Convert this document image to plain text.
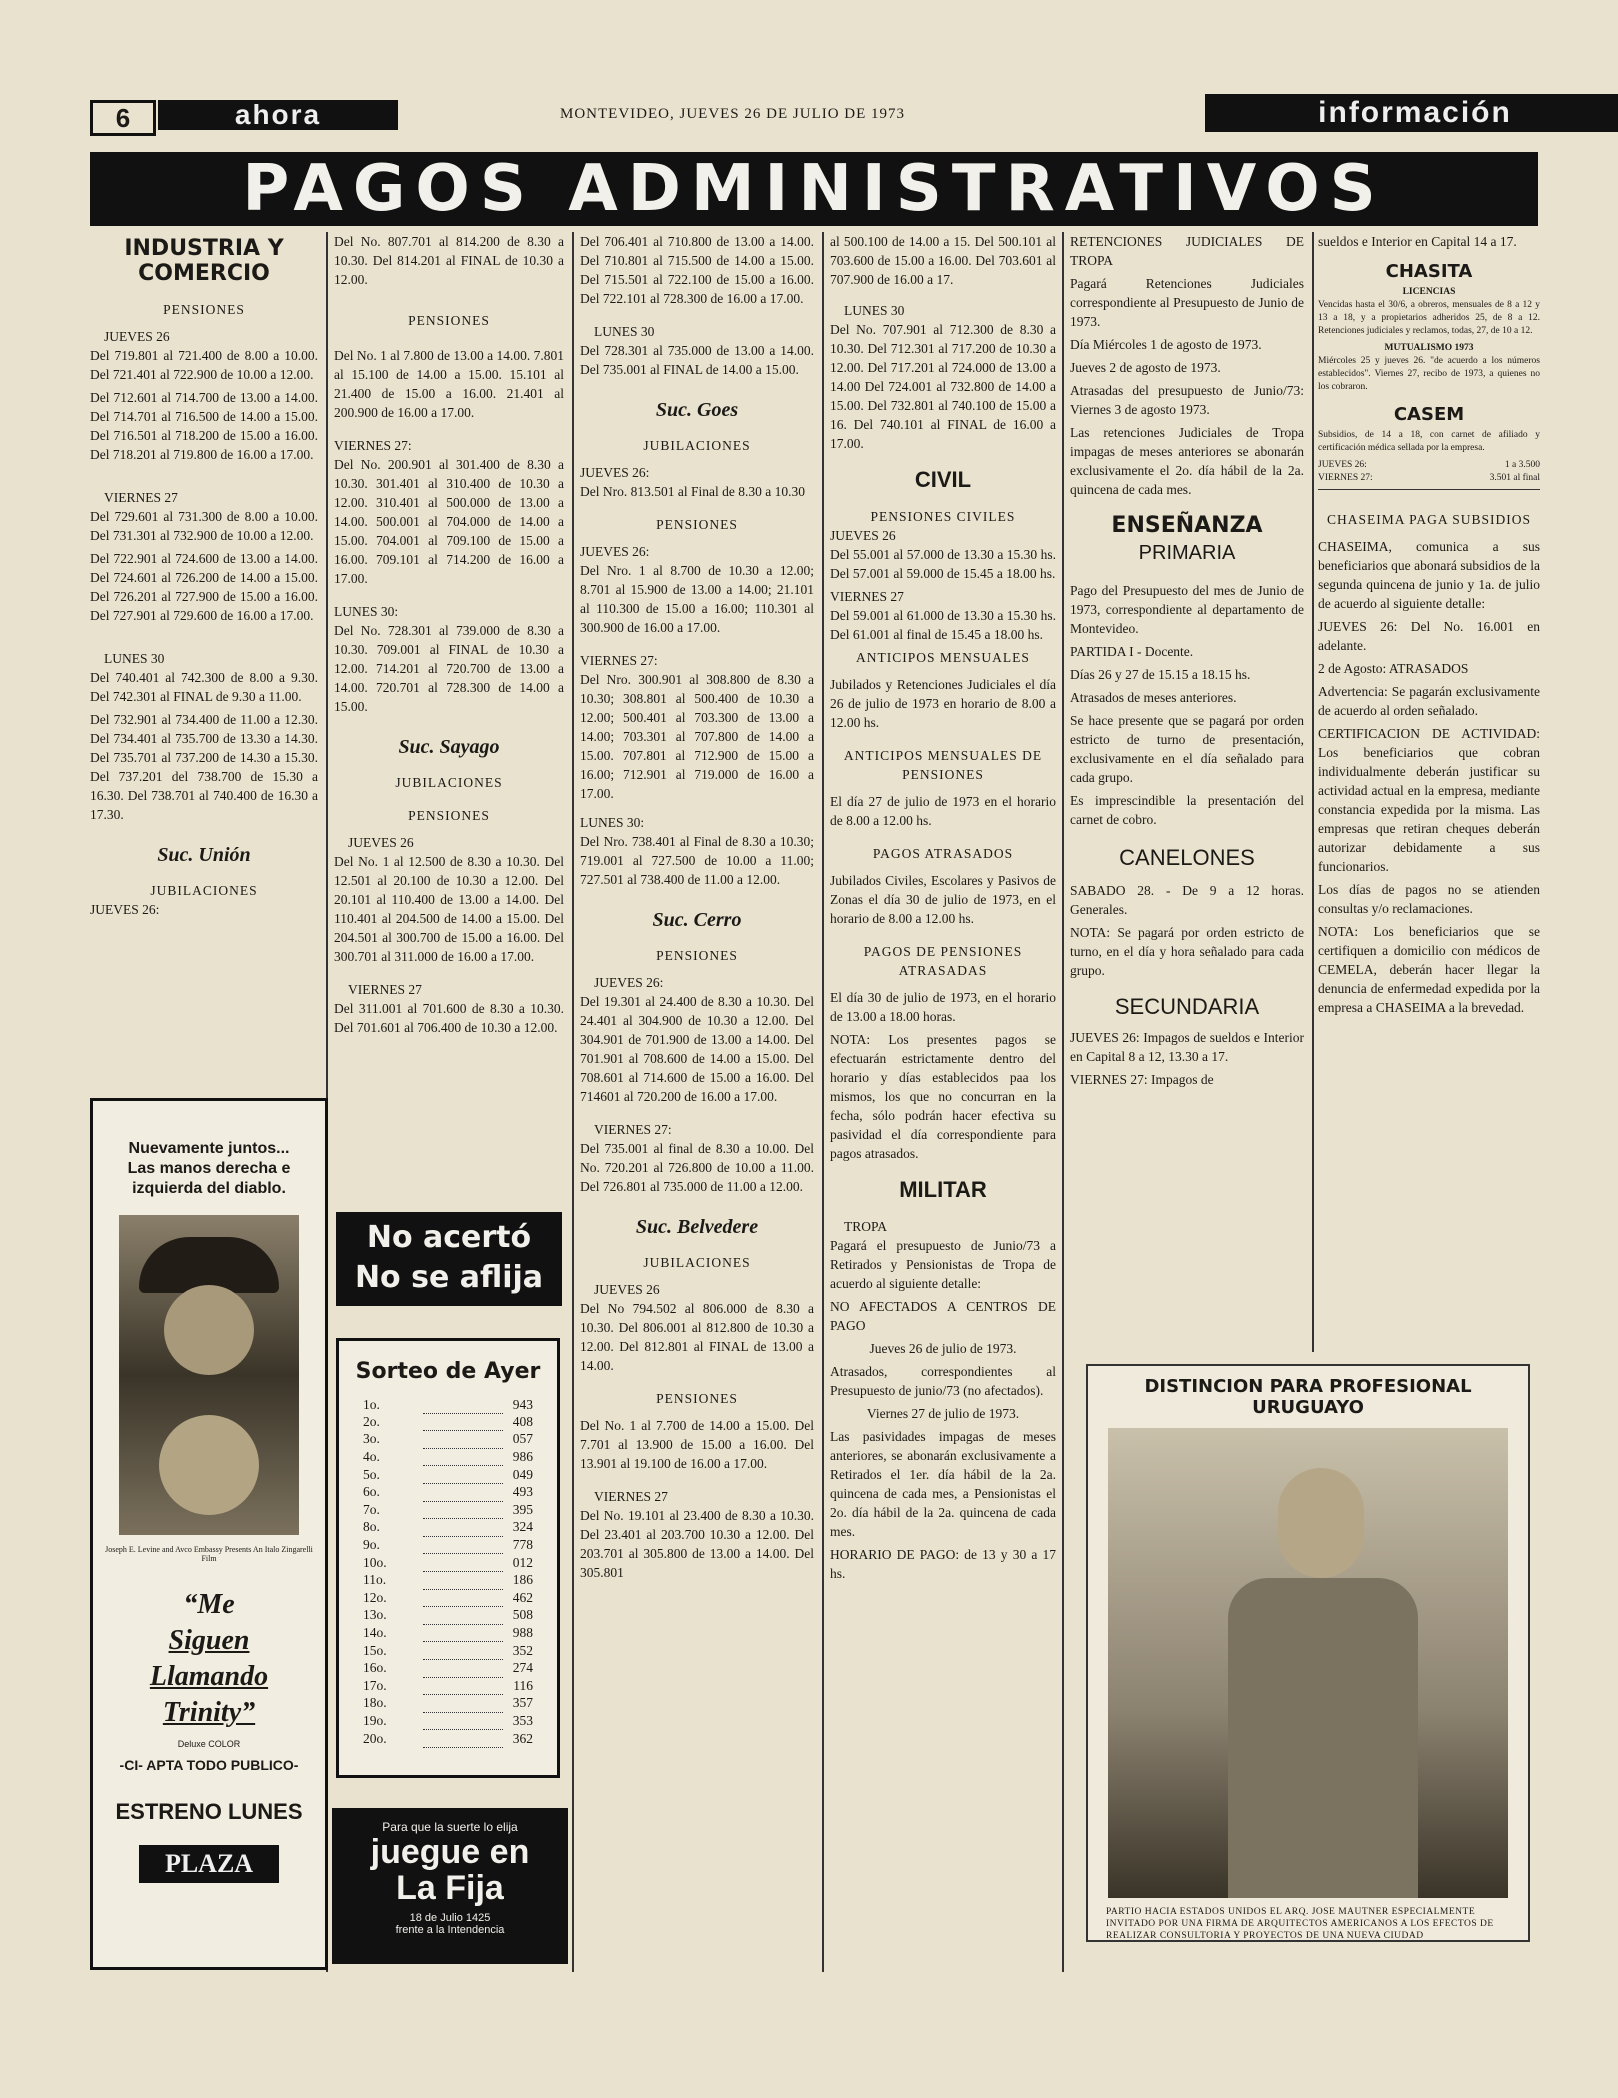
6	ahora	MONTEVIDEO, JUEVES 26 DE JULIO DE 1973	información
PAGOS ADMINISTRATIVOS
INDUSTRIA Y COMERCIO
PENSIONES
JUEVES 26

Del 719.801 al 721.400 de 8.00 a 10.00. Del 721.401 al 722.900 de 10.00 a 12.00.

Del 712.601 al 714.700 de 13.00 a 14.00. Del 714.701 al 716.500 de 14.00 a 15.00. Del 716.501 al 718.200 de 15.00 a 16.00. Del 718.201 al 719.800 de 16.00 a 17.00.

VIERNES 27

Del 729.601 al 731.300 de 8.00 a 10.00. Del 731.301 al 732.900 de 10.00 a 12.00.

Del 722.901 al 724.600 de 13.00 a 14.00. Del 724.601 al 726.200 de 14.00 a 15.00. Del 726.201 al 727.900 de 15.00 a 16.00. Del 727.901 al 729.600 de 16.00 a 17.00.

LUNES 30

Del 740.401 al 742.300 de 8.00 a 9.30. Del 742.301 al FINAL de 9.30 a 11.00.

Del 732.901 al 734.400 de 11.00 a 12.30. Del 734.401 al 735.700 de 13.30 a 14.30. Del 735.701 al 737.200 de 14.30 a 15.30. Del 737.201 del 738.700 de 15.30 a 16.30. Del 738.701 al 740.400 de 16.30 a 17.30.

Suc. Unión
JUBILACIONES
JUEVES 26:

Del No. 807.701 al 814.200 de 8.30 a 10.30. Del 814.201 al FINAL de 10.30 a 12.00.

PENSIONES

Del No. 1 al 7.800 de 13.00 a 14.00. 7.801 al 15.100 de 14.00 a 15.00. 15.101 al 21.400 de 15.00 a 16.00. 21.401 al 200.900 de 16.00 a 17.00.

VIERNES 27:

Del No. 200.901 al 301.400 de 8.30 a 10.30. 301.401 al 310.400 de 10.30 a 12.00. 310.401 al 500.000 de 13.00 a 14.00. 500.001 al 704.000 de 14.00 a 15.00. 704.001 al 709.100 de 15.00 a 16.00. 709.101 al 714.200 de 16.00 a 17.00.

LUNES 30:

Del No. 728.301 al 739.000 de 8.30 a 10.30. 709.001 al FINAL de 10.30 a 12.00. 714.201 al 720.700 de 13.00 a 14.00. 720.701 al 728.300 de 14.00 a 15.00.

Suc. Sayago
JUBILACIONES
PENSIONES
JUEVES 26

Del No. 1 al 12.500 de 8.30 a 10.30. Del 12.501 al 20.100 de 10.30 a 12.00. Del 20.101 al 110.400 de 13.00 a 14.00. Del 110.401 al 204.500 de 14.00 a 15.00. Del 204.501 al 300.700 de 15.00 a 16.00. Del 300.701 al 311.000 de 16.00 a 17.00.

VIERNES 27

Del 311.001 al 701.600 de 8.30 a 10.30. Del 701.601 al 706.400 de 10.30 a 12.00.

Del 706.401 al 710.800 de 13.00 a 14.00. Del 710.801 al 715.500 de 14.00 a 15.00. Del 715.501 al 722.100 de 15.00 a 16.00. Del 722.101 al 728.300 de 16.00 a 17.00.

LUNES 30

Del 728.301 al 735.000 de 13.00 a 14.00. Del 735.001 al FINAL de 14.00 a 15.00.

Suc. Goes
JUBILACIONES
JUEVES 26:

Del Nro. 813.501 al Final de 8.30 a 10.30

PENSIONES
JUEVES 26:

Del Nro. 1 al 8.700 de 10.30 a 12.00; 8.701 al 15.900 de 13.00 a 14.00; 21.101 al 110.300 de 15.00 a 16.00; 110.301 al 300.900 de 16.00 a 17.00.

VIERNES 27:

Del Nro. 300.901 al 308.800 de 8.30 a 10.30; 308.801 al 500.400 de 10.30 a 12.00; 500.401 al 703.300 de 13.00 a 14.00; 703.301 al 707.800 de 14.00 a 15.00. 707.801 al 712.900 de 15.00 a 16.00; 712.901 al 719.000 de 16.00 a 17.00.

LUNES 30:

Del Nro. 738.401 al Final de 8.30 a 10.30; 719.001 al 727.500 de 10.00 a 11.00; 727.501 al 738.400 de 11.00 a 12.00.

Suc. Cerro
PENSIONES
JUEVES 26:

Del 19.301 al 24.400 de 8.30 a 10.30. Del 24.401 al 304.900 de 10.30 a 12.00. Del 304.901 de 701.900 de 13.00 a 14.00. Del 701.901 al 708.600 de 14.00 a 15.00. Del 708.601 al 714.600 de 15.00 a 16.00. Del 714601 al 720.200 de 16.00 a 17.00.

VIERNES 27:

Del 735.001 al final de 8.30 a 10.00. Del No. 720.201 al 726.800 de 10.00 a 11.00. Del 726.801 al 735.000 de 11.00 a 12.00.

Suc. Belvedere
JUBILACIONES
JUEVES 26

Del No 794.502 al 806.000 de 8.30 a 10.30. Del 806.001 al 812.800 de 10.30 a 12.00. Del 812.801 al FINAL de 13.00 a 14.00.

PENSIONES

Del No. 1 al 7.700 de 14.00 a 15.00. Del 7.701 al 13.900 de 15.00 a 16.00. Del 13.901 al 19.100 de 16.00 a 17.00.

VIERNES 27

Del No. 19.101 al 23.400 de 8.30 a 10.30. Del 23.401 al 203.700 10.30 a 12.00. Del 203.701 al 305.800 de 13.00 a 14.00. Del 305.801

al 500.100 de 14.00 a 15. Del 500.101 al 703.600 de 15.00 a 16.00. Del 703.601 al 707.900 de 16.00 a 17.

LUNES 30

Del No. 707.901 al 712.300 de 8.30 a 10.30. Del 712.301 al 717.200 de 10.30 a 12.00. Del 717.201 al 724.000 de 13.00 a 14.00 Del 724.001 al 732.800 de 14.00 a 15.00. Del 732.801 al 740.100 de 15.00 a 16. Del 740.101 al FINAL de 16.00 a 17.00.

CIVIL
PENSIONES CIVILES
JUEVES 26

Del 55.001 al 57.000 de 13.30 a 15.30 hs. Del 57.001 al 59.000 de 15.45 a 18.00 hs.

VIERNES 27

Del 59.001 al 61.000 de 13.30 a 15.30 hs. Del 61.001 al final de 15.45 a 18.00 hs.

ANTICIPOS MENSUALES

Jubilados y Retenciones Judiciales el día 26 de julio de 1973 en horario de 8.00 a 12.00 hs.

ANTICIPOS MENSUALES DE PENSIONES

El día 27 de julio de 1973 en el horario de 8.00 a 12.00 hs.

PAGOS ATRASADOS

Jubilados Civiles, Escolares y Pasivos de Zonas el día 30 de julio de 1973, en el horario de 8.00 a 12.00 hs.

PAGOS DE PENSIONES ATRASADAS

El día 30 de julio de 1973, en el horario de 13.00 a 18.00 horas.

NOTA: Los presentes pagos se efectuarán estrictamente dentro del horario y días establecidos paa los mismos, los que no concurran en la fecha, sólo podrán hacer efectiva su pasividad el día correspondiente para pagos atrasados.

MILITAR
TROPA

Pagará el presupuesto de Junio/73 a Retirados y Pensionistas de Tropa de acuerdo al siguiente detalle:

NO AFECTADOS A CENTROS DE PAGO

Jueves 26 de julio de 1973.

Atrasados, correspondientes al Presupuesto de junio/73 (no afectados).

Viernes 27 de julio de 1973.

Las pasividades impagas de meses anteriores, se abonarán exclusivamente a Retirados el 1er. día hábil de la 2a. quincena de cada mes, a Pensionistas el 2o. día hábil de la 2a. quincena de cada mes.

HORARIO DE PAGO: de 13 y 30 a 17 hs.

RETENCIONES JUDICIALES DE TROPA

Pagará Retenciones Judiciales correspondiente al Presupuesto de Junio de 1973.

Día Miércoles 1 de agosto de 1973.

Jueves 2 de agosto de 1973.

Atrasadas del presupuesto de Junio/73: Viernes 3 de agosto 1973.

Las retenciones Judiciales de Tropa impagas de meses anteriores se abonarán exclusivamente el 2o. día hábil de la 2a. quincena de cada mes.

ENSEÑANZA
PRIMARIA

Pago del Presupuesto del mes de Junio de 1973, correspondiente al departamento de Montevideo.

PARTIDA I - Docente.

Días 26 y 27 de 15.15 a 18.15 hs.

Atrasados de meses anteriores.

Se hace presente que se pagará por orden estricto de turno de presentación, exclusivamente en el día señalado para cada grupo.

Es imprescindible la presentación del carnet de cobro.

CANELONES

SABADO 28. - De 9 a 12 horas. Generales.

NOTA: Se pagará por orden estricto de turno, en el día y hora señalado para cada grupo.

SECUNDARIA

JUEVES 26: Impagos de sueldos e Interior en Capital 8 a 12, 13.30 a 17.

VIERNES 27: Impagos de

sueldos e Interior en Capital 14 a 17.

CHASITA
LICENCIAS

Vencidas hasta el 30/6, a obreros, mensuales de 8 a 12 y 13 a 18, y a propietarios adheridos 25, de 8 a 12. Retenciones judiciales y reclamos, todas, 27, de 10 a 12.

MUTUALISMO 1973

Miércoles 25 y jueves 26. "de acuerdo a los números establecidos". Viernes 27, recibo de 1973, a quienes no los cobraron.

CASEM

Subsidios, de 14 a 18, con carnet de afiliado y certificación médica sellada por la empresa.

JUEVES 26:	1 a 3.500
VIERNES 27:	3.501 al final
CHASEIMA PAGA SUBSIDIOS

CHASEIMA, comunica a sus beneficiarios que abonará subsidios de la segunda quincena de junio y 1a. de julio de acuerdo al siguiente detalle:

JUEVES 26: Del No. 16.001 en adelante.

2 de Agosto: ATRASADOS

Advertencia: Se pagarán exclusivamente de acuerdo al orden señalado.

CERTIFICACION DE ACTIVIDAD: Los beneficiarios que cobran individualmente deberán justificar su actividad actual en la empresa, mediante constancia expedida por la misma. Las empresas que retiran cheques deberán autorizar debidamente a sus funcionarios.

Los días de pagos no se atienden consultas y/o reclamaciones.

NOTA: Los beneficiarios que se certifiquen a domicilio con médicos de CEMELA, deberán hacer llegar la denuncia de enfermedad expedida por la empresa a CHASEIMA a la brevedad.

Nuevamente juntos... Las manos derecha e izquierda del diablo.
Joseph E. Levine and Avco Embassy Presents An Italo Zingarelli Film
“Me
Siguen
Llamando
Trinity”
Deluxe COLOR
-CI- APTA TODO PUBLICO-
ESTRENO LUNES
PLAZA
No acertó
No se aflija
Sorteo de Ayer
1o.		943
2o.		408
3o.		057
4o.		986
5o.		049
6o.		493
7o.		395
8o.		324
9o.		778
10o.		012
11o.		186
12o.		462
13o.		508
14o.		988
15o.		352
16o.		274
17o.		116
18o.		357
19o.		353
20o.		362
Para que la suerte lo elija
juegue en
La Fija
18 de Julio 1425
frente a la Intendencia
DISTINCION PARA PROFESIONAL URUGUAYO
PARTIO HACIA ESTADOS UNIDOS EL ARQ. JOSE MAUTNER ESPECIALMENTE INVITADO POR UNA FIRMA DE ARQUITECTOS AMERICANOS A LOS EFECTOS DE REALIZAR CONSULTORIA Y PROYECTOS DE UNA NUEVA CIUDAD
